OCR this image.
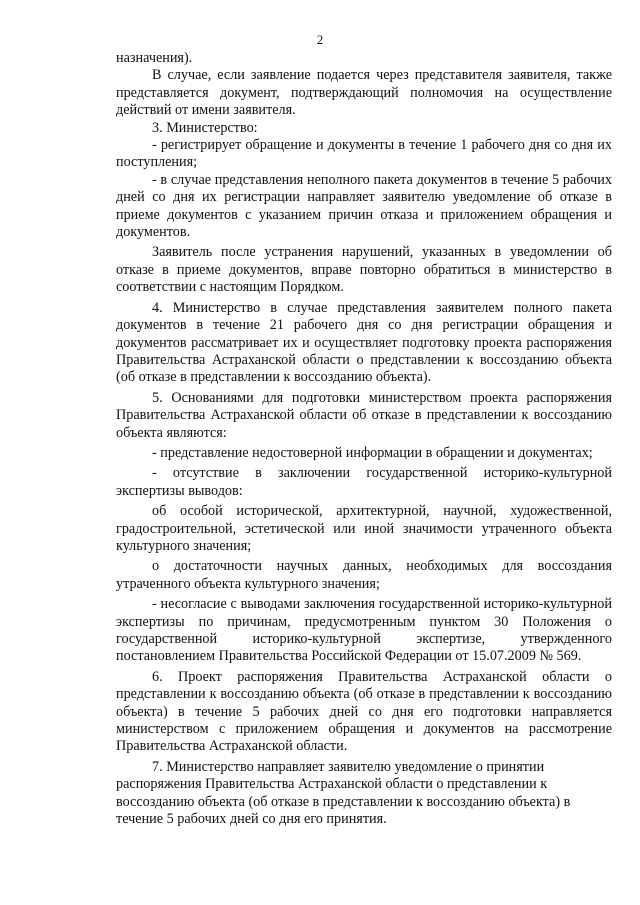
2

назначения).

В случае, если заявление подается через представителя заявителя, также представляется документ, подтверждающий полномочия на осуществление действий от имени заявителя.

3. Министерство:

- регистрирует обращение и документы в течение 1 рабочего дня со дня их поступления;

- в случае представления неполного пакета документов в течение 5 рабочих дней со дня их регистрации направляет заявителю уведомление об отказе в приеме документов с указанием причин отказа и приложением обращения и документов.

Заявитель после устранения нарушений, указанных в уведомлении об отказе в приеме документов, вправе повторно обратиться в министерство в соответствии с настоящим Порядком.

4. Министерство в случае представления заявителем полного пакета документов в течение 21 рабочего дня со дня регистрации обращения и документов рассматривает их и осуществляет подготовку проекта распоряжения Правительства Астраханской области о представлении к воссозданию объекта (об отказе в представлении к воссозданию объекта).

5. Основаниями для подготовки министерством проекта распоряжения Правительства Астраханской области об отказе в представлении к воссозданию объекта являются:

- представление недостоверной информации в обращении и документах;

- отсутствие в заключении государственной историко-культурной экспертизы выводов:

об особой исторической, архитектурной, научной, художественной, градостроительной, эстетической или иной значимости утраченного объекта культурного значения;

о достаточности научных данных, необходимых для воссоздания утраченного объекта культурного значения;

- несогласие с выводами заключения государственной историко-культурной экспертизы по причинам, предусмотренным пунктом 30 Положения о государственной историко-культурной экспертизе, утвержденного постановлением Правительства Российской Федерации от 15.07.2009 № 569.

6. Проект распоряжения Правительства Астраханской области о представлении к воссозданию объекта (об отказе в представлении к воссозданию объекта) в течение 5 рабочих дней со дня его подготовки направляется министерством с приложением обращения и документов на рассмотрение Правительства Астраханской области.

7. Министерство направляет заявителю уведомление о принятии распоряжения Правительства Астраханской области о представлении к воссозданию объекта (об отказе в представлении к воссозданию объекта) в течение 5 рабочих дней со дня его принятия.
